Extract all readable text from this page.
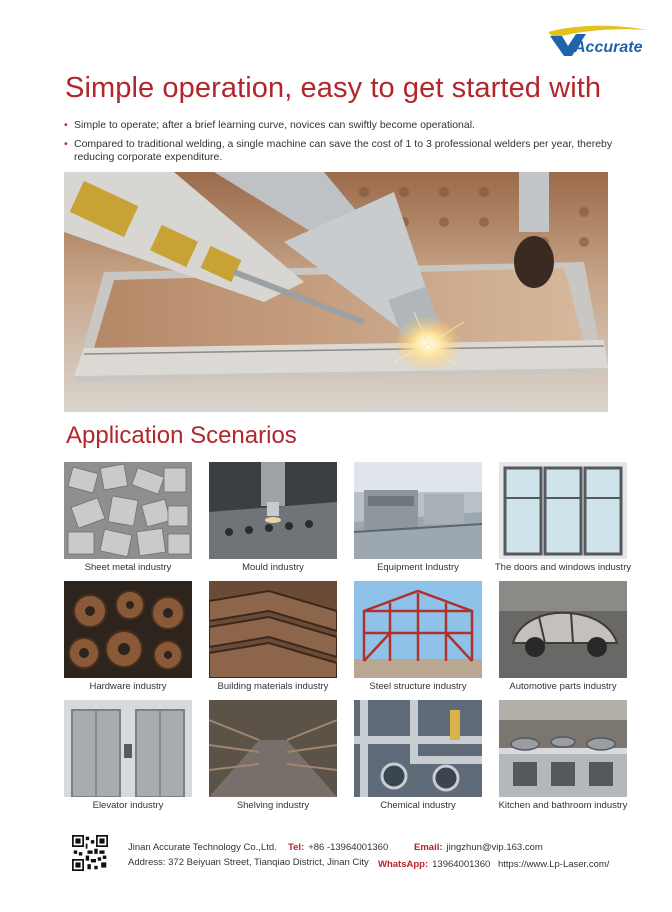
Accurate
Simple operation, easy to get started with
• Simple to operate; after a brief learning curve, novices can swiftly become operational.
• Compared to traditional welding, a single machine can save the cost of 1 to 3 professional welders per year, thereby reducing corporate expenditure.
Application Scenarios
Sheet metal industry	Mould industry	Equipment Industry	The doors and windows industry
Hardware industry	Building materials industry	Steel structure industry	Automotive parts industry
Elevator industry	Shelving industry	Chemical industry	Kitchen and bathroom industry
Jinan Accurate Technology Co.,Ltd.
Address: 372 Beiyuan Street, Tianqiao District, Jinan City
Tel: +86 -13964001360	Email: jingzhun@vip.163.com
WhatsApp: 13964001360 https://www.Lp-Laser.com/
